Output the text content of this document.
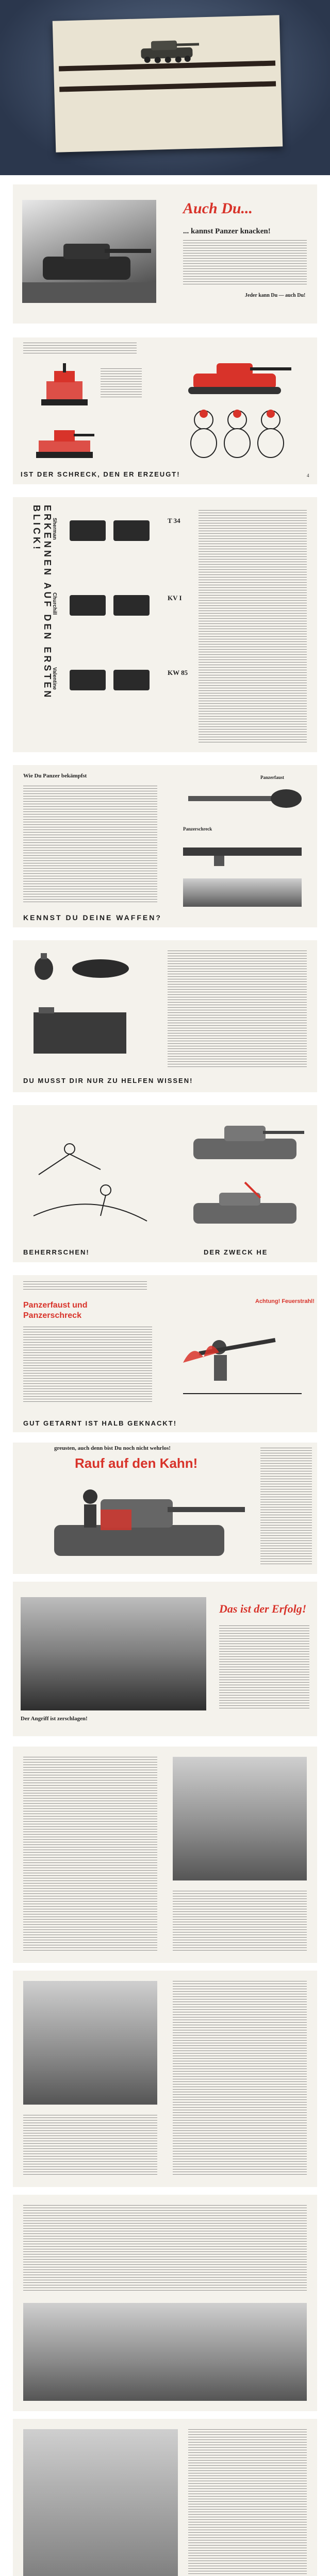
Auch Du...
... kannst Panzer knacken!
Jeder kann Du — auch Du!
IST DER SCHRECK, DEN ER ERZEUGT!	4
ERKENNEN AUF DEN ERSTEN BLICK!	Sherman
Churchill
Valentine
T 34
KV I
KW 85
Wie Du Panzer bekämpfst	Panzerfaust
Panzerschreck
KENNST DU DEINE WAFFEN?
DU MUSST DIR NUR ZU HELFEN WISSEN!
BEHERRSCHEN!	DER ZWECK HE
Panzerfaust und
Panzerschreck
Achtung! Feuerstrahl!
GUT GETARNT IST HALB GEKNACKT!
greusten, auch denn bist Du noch nicht wehrlos!
Rauf auf den Kahn!
Das ist der Erfolg!
Der Angriff ist zerschlagen!
